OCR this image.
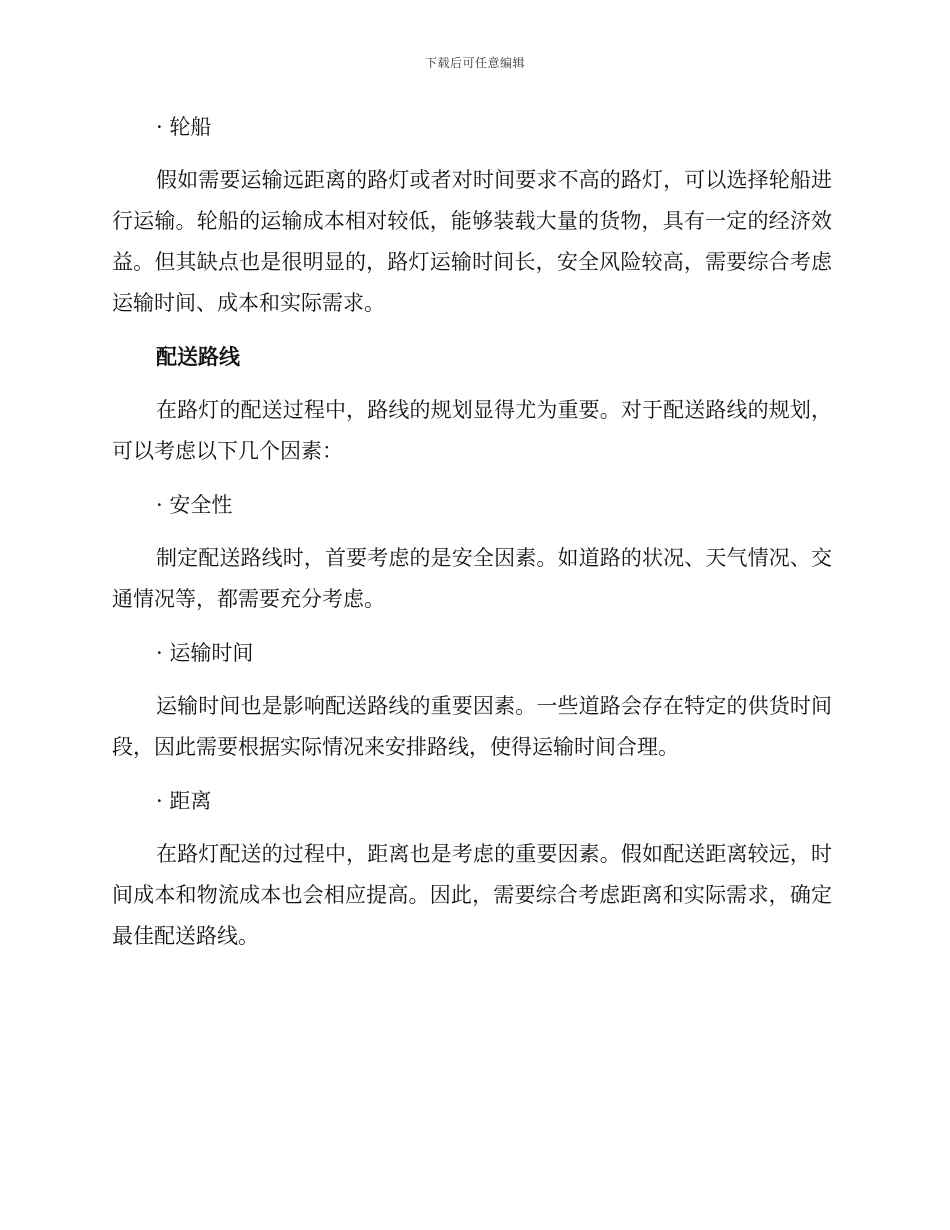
下载后可任意编辑

· 轮船

假如需要运输远距离的路灯或者对时间要求不高的路灯，可以选择轮船进行运输。轮船的运输成本相对较低，能够装载大量的货物，具有一定的经济效益。但其缺点也是很明显的，路灯运输时间长，安全风险较高，需要综合考虑运输时间、成本和实际需求。

配送路线

在路灯的配送过程中，路线的规划显得尤为重要。对于配送路线的规划，可以考虑以下几个因素：

· 安全性

制定配送路线时，首要考虑的是安全因素。如道路的状况、天气情况、交通情况等，都需要充分考虑。

· 运输时间

运输时间也是影响配送路线的重要因素。一些道路会存在特定的供货时间段，因此需要根据实际情况来安排路线，使得运输时间合理。

· 距离

在路灯配送的过程中，距离也是考虑的重要因素。假如配送距离较远，时间成本和物流成本也会相应提高。因此，需要综合考虑距离和实际需求，确定最佳配送路线。
